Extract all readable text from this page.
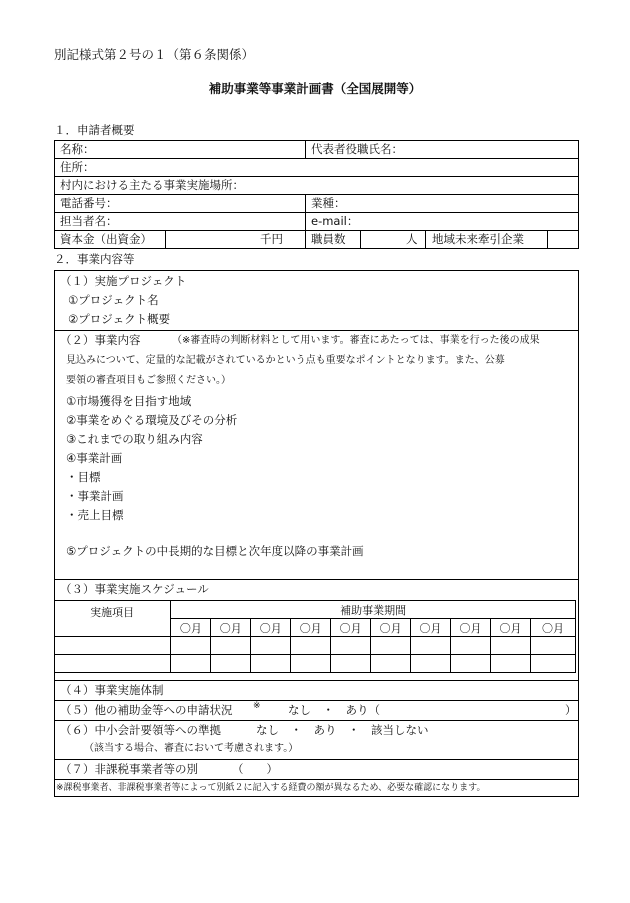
別記様式第２号の１（第６条関係）
補助事業等事業計画書（全国展開等）
１．申請者概要
名称：	代表者役職氏名：
住所：
村内における主たる事業実施場所：
電話番号：	業種：
担当者名：	e-mail：
資本金（出資金）	千円 職員数	人 地域未来牽引企業
２．事業内容等
（１）実施プロジェクト
①プロジェクト名
②プロジェクト概要
（２）事業内容	（※審査時の判断材料として用います。審査にあたっては、事業を行った後の成果
見込みについて、定量的な記載がされているかという点も重要なポイントとなります。また、公募
要領の審査項目もご参照ください。）
①市場獲得を目指す地域
②事業をめぐる環境及びその分析
③これまでの取り組み内容
④事業計画
・目標
・事業計画
・売上目標
⑤プロジェクトの中長期的な目標と次年度以降の事業計画
（３）事業実施スケジュール
実施項目	補助事業期間									
	〇月	〇月	〇月	〇月	〇月	〇月	〇月	〇月	〇月	〇月

（４）事業実施体制
（５）他の補助金等への申請状況 ※ なし　・　あり（	）
（６）中小会計要領等への準拠	なし　・　あり　・　該当しない
（該当する場合、審査において考慮されます。）
（７）非課税事業者等の別	（　　）
※課税事業者、非課税事業者等によって別紙２に記入する経費の額が異なるため、必要な確認になります。
